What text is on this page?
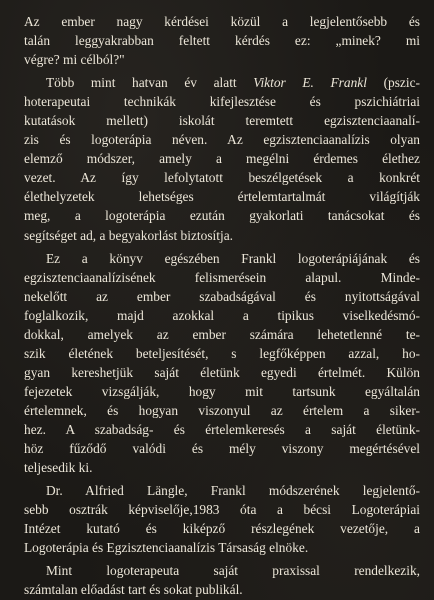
Az ember nagy kérdései közül a legjelentősebb és
talán leggyakrabban feltett kérdés ez: „minek? mi
végre? mi célból?"
Több mint hatvan év alatt Viktor E. Frankl (pszic-
hoterapeutai technikák kifejlesztése és pszichiátriai
kutatások mellett) iskolát teremtett egzisztenciaanalí-
zis és logoterápia néven. Az egzisztenciaanalízis olyan
elemző módszer, amely a megélni érdemes élethez
vezet. Az így lefolytatott beszélgetések a konkrét
élethelyzetek lehetséges értelemtartalmát világítják
meg, a logoterápia ezután gyakorlati tanácsokat és
segítséget ad, a begyakorlást biztosítja.
Ez a könyv egészében Frankl logoterápiájának és
egzisztenciaanalízisének felismerésein alapul. Minde-
nekelőtt az ember szabadságával és nyitottságával
foglalkozik, majd azokkal a tipikus viselkedésmó-
dokkal, amelyek az ember számára lehetetlenné te-
szik életének beteljesítését, s legfőképpen azzal, ho-
gyan kereshetjük saját életünk egyedi értelmét. Külön
fejezetek vizsgálják, hogy mit tartsunk egyáltalán
értelemnek, és hogyan viszonyul az értelem a siker-
hez. A szabadság- és értelemkeresés a saját életünk-
höz fűződő valódi és mély viszony megértésével
teljesedik ki.
Dr. Alfried Längle, Frankl módszerének legjelentő-
sebb osztrák képviselője,1983 óta a bécsi Logoterápiai
Intézet kutató és kiképző részlegének vezetője, a
Logoterápia és Egzisztenciaanalízis Társaság elnöke.
Mint logoterapeuta saját praxissal rendelkezik,
számtalan előadást tart és sokat publikál.
